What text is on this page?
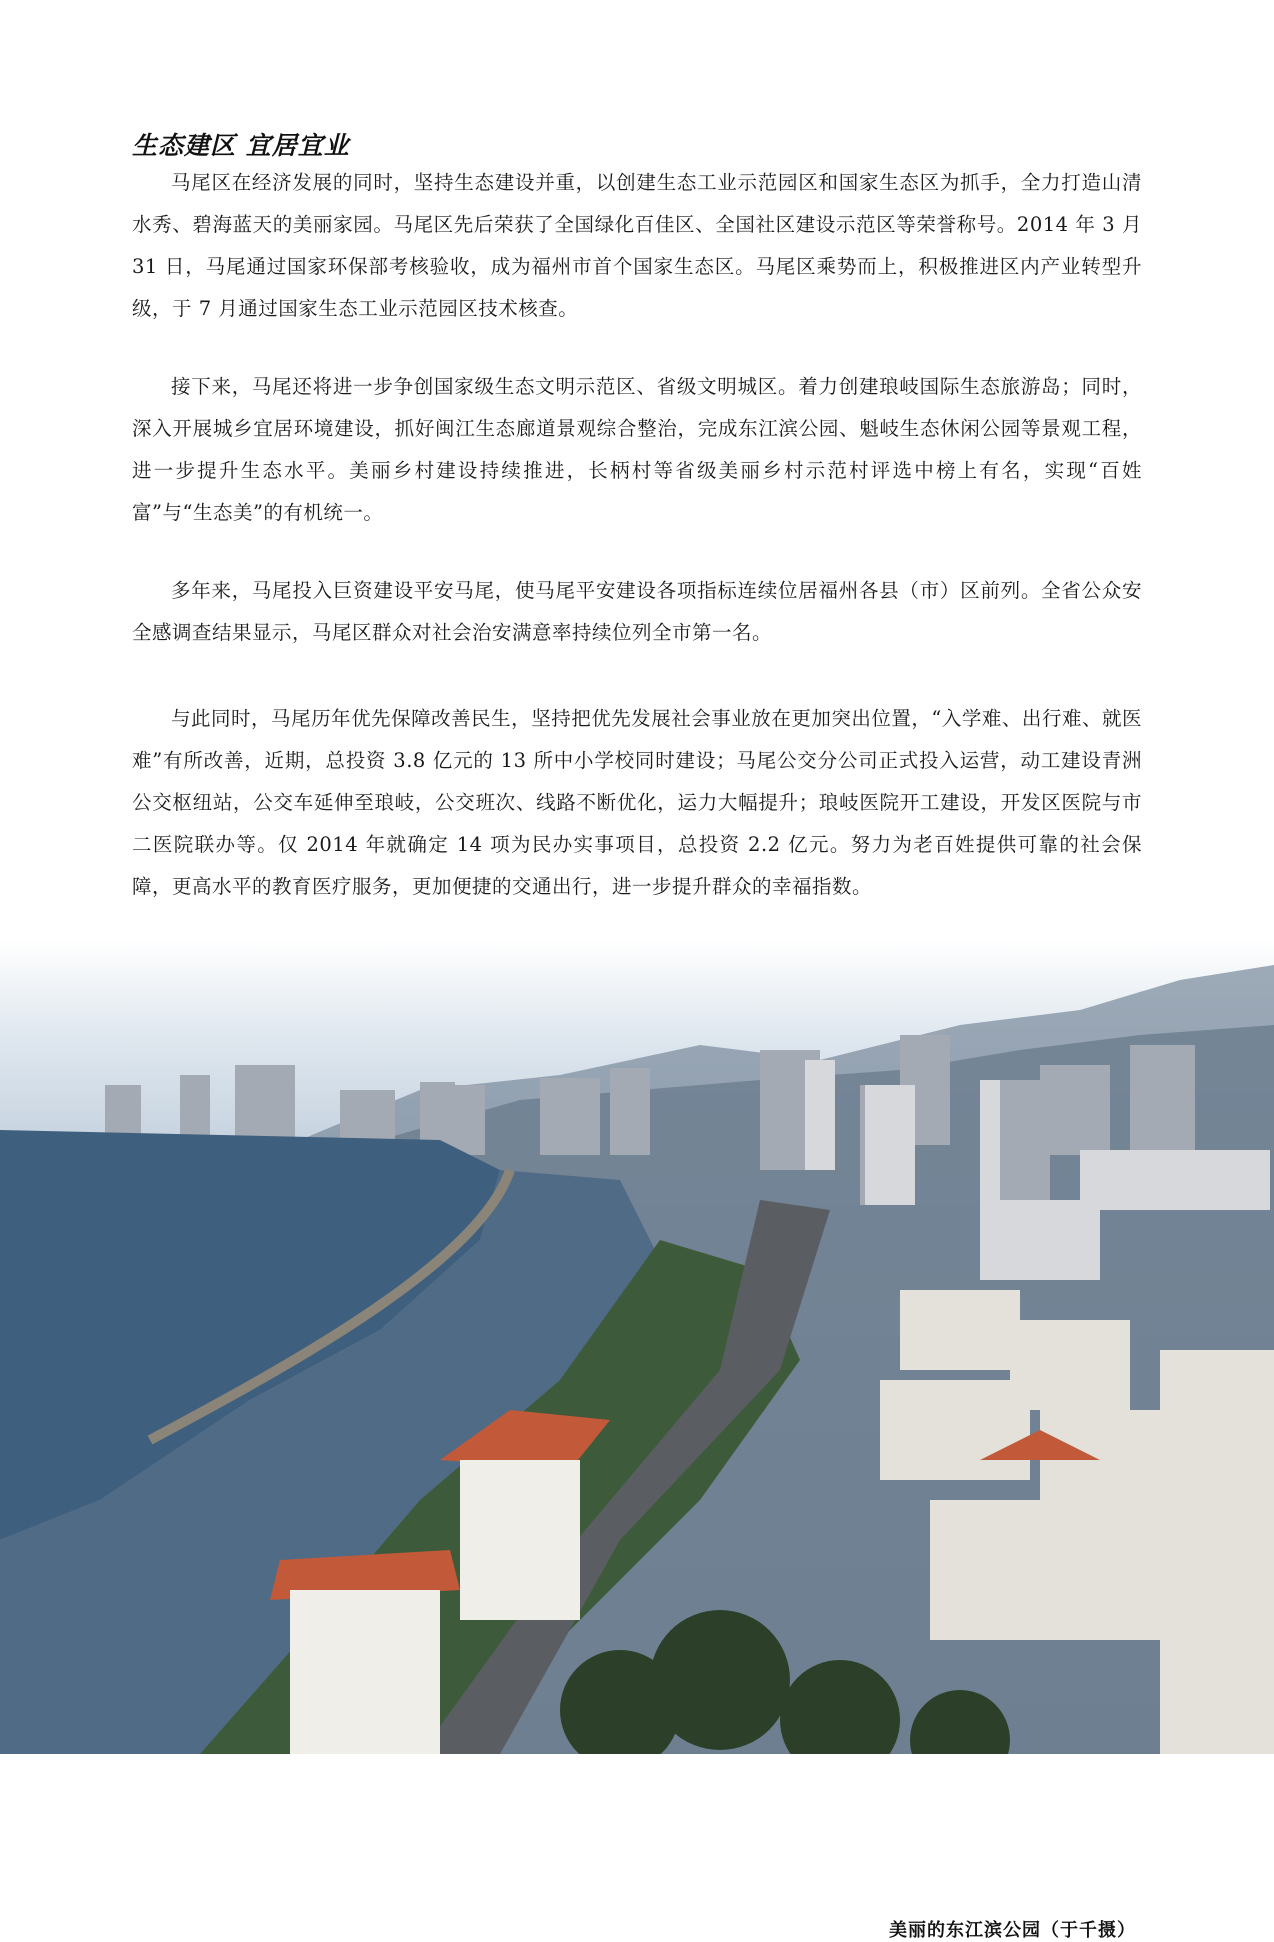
生态建区 宜居宜业

马尾区在经济发展的同时，坚持生态建设并重，以创建生态工业示范园区和国家生态区为抓手，全力打造山清水秀、碧海蓝天的美丽家园。马尾区先后荣获了全国绿化百佳区、全国社区建设示范区等荣誉称号。2014 年 3 月 31 日，马尾通过国家环保部考核验收，成为福州市首个国家生态区。马尾区乘势而上，积极推进区内产业转型升级，于 7 月通过国家生态工业示范园区技术核查。

接下来，马尾还将进一步争创国家级生态文明示范区、省级文明城区。着力创建琅岐国际生态旅游岛；同时，深入开展城乡宜居环境建设，抓好闽江生态廊道景观综合整治，完成东江滨公园、魁岐生态休闲公园等景观工程，进一步提升生态水平。美丽乡村建设持续推进，长柄村等省级美丽乡村示范村评选中榜上有名，实现“百姓富”与“生态美”的有机统一。

多年来，马尾投入巨资建设平安马尾，使马尾平安建设各项指标连续位居福州各县（市）区前列。全省公众安全感调查结果显示，马尾区群众对社会治安满意率持续位列全市第一名。

与此同时，马尾历年优先保障改善民生，坚持把优先发展社会事业放在更加突出位置，“入学难、出行难、就医难”有所改善，近期，总投资 3.8 亿元的 13 所中小学校同时建设；马尾公交分公司正式投入运营，动工建设青洲公交枢纽站，公交车延伸至琅岐，公交班次、线路不断优化，运力大幅提升；琅岐医院开工建设，开发区医院与市二医院联办等。仅 2014 年就确定 14 项为民办实事项目，总投资 2.2 亿元。努力为老百姓提供可靠的社会保障，更高水平的教育医疗服务，更加便捷的交通出行，进一步提升群众的幸福指数。

美丽的东江滨公园（于千摄）
